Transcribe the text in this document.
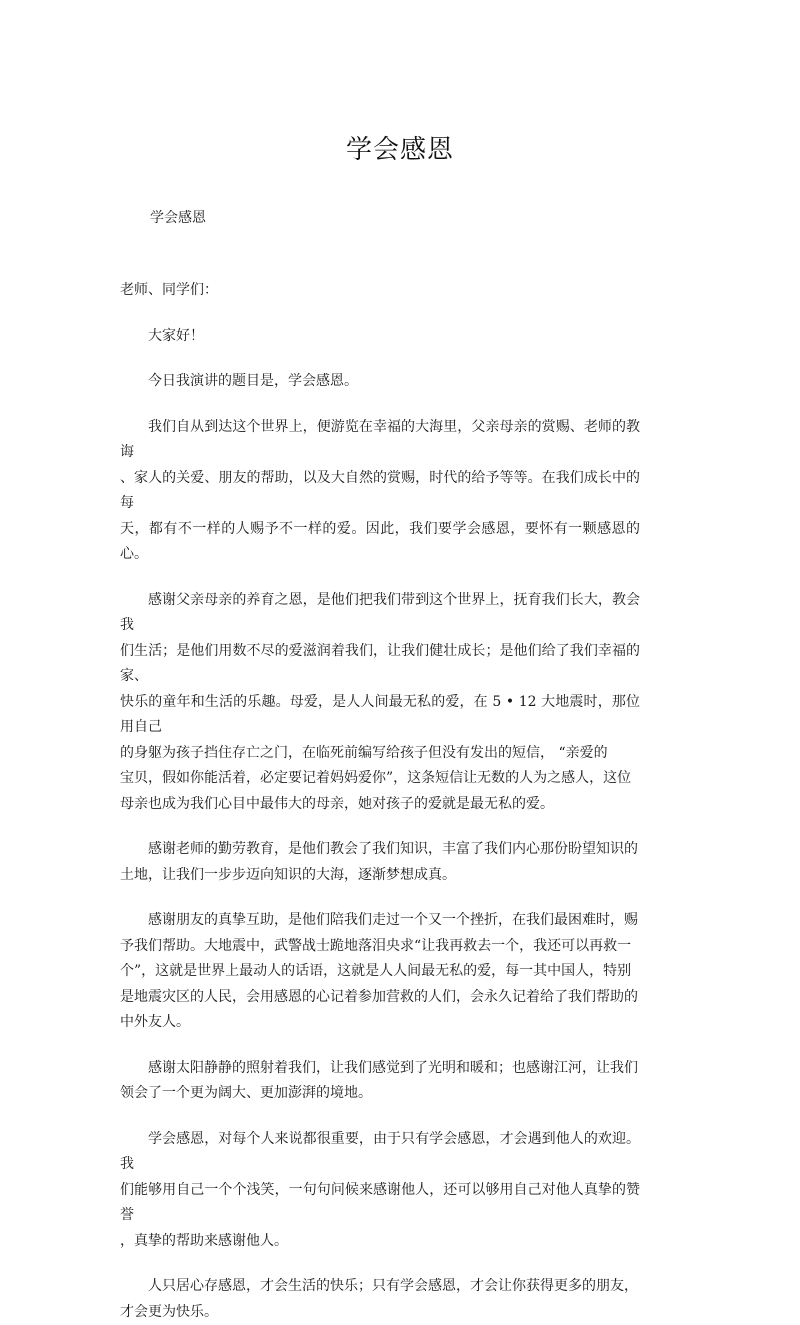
学会感恩
学会感恩

老师、同学们：

大家好！

今日我演讲的题目是，学会感恩。

我们自从到达这个世界上，便游览在幸福的大海里，父亲母亲的赏赐、老师的教诲
、家人的关爱、朋友的帮助，以及大自然的赏赐，时代的给予等等。在我们成长中的每
天，都有不一样的人赐予不一样的爱。因此，我们要学会感恩，要怀有一颗感恩的心。

感谢父亲母亲的养育之恩，是他们把我们带到这个世界上，抚育我们长大，教会我
们生活；是他们用数不尽的爱滋润着我们，让我们健壮成长；是他们给了我们幸福的家、
快乐的童年和生活的乐趣。母爱，是人人间最无私的爱，在 5 • 12 大地震时，那位用自己
的身躯为孩子挡住存亡之门，在临死前编写给孩子但没有发出的短信， “亲爱的
宝贝，假如你能活着，必定要记着妈妈爱你”，这条短信让无数的人为之感人，这位
母亲也成为我们心目中最伟大的母亲，她对孩子的爱就是最无私的爱。

感谢老师的勤劳教育，是他们教会了我们知识，丰富了我们内心那份盼望知识的
土地，让我们一步步迈向知识的大海，逐渐梦想成真。

感谢朋友的真挚互助，是他们陪我们走过一个又一个挫折，在我们最困难时，赐
予我们帮助。大地震中，武警战士跪地落泪央求“让我再救去一个，我还可以再救一
个”，这就是世界上最动人的话语，这就是人人间最无私的爱，每一其中国人，特别
是地震灾区的人民，会用感恩的心记着参加营救的人们，会永久记着给了我们帮助的
中外友人。

感谢太阳静静的照射着我们，让我们感觉到了光明和暖和；也感谢江河，让我们
领会了一个更为阔大、更加澎湃的境地。

学会感恩，对每个人来说都很重要，由于只有学会感恩，才会遇到他人的欢迎。我
们能够用自己一个个浅笑，一句句问候来感谢他人，还可以够用自己对他人真挚的赞誉
，真挚的帮助来感谢他人。

人只居心存感恩，才会生活的快乐；只有学会感恩，才会让你获得更多的朋友，
才会更为快乐。
